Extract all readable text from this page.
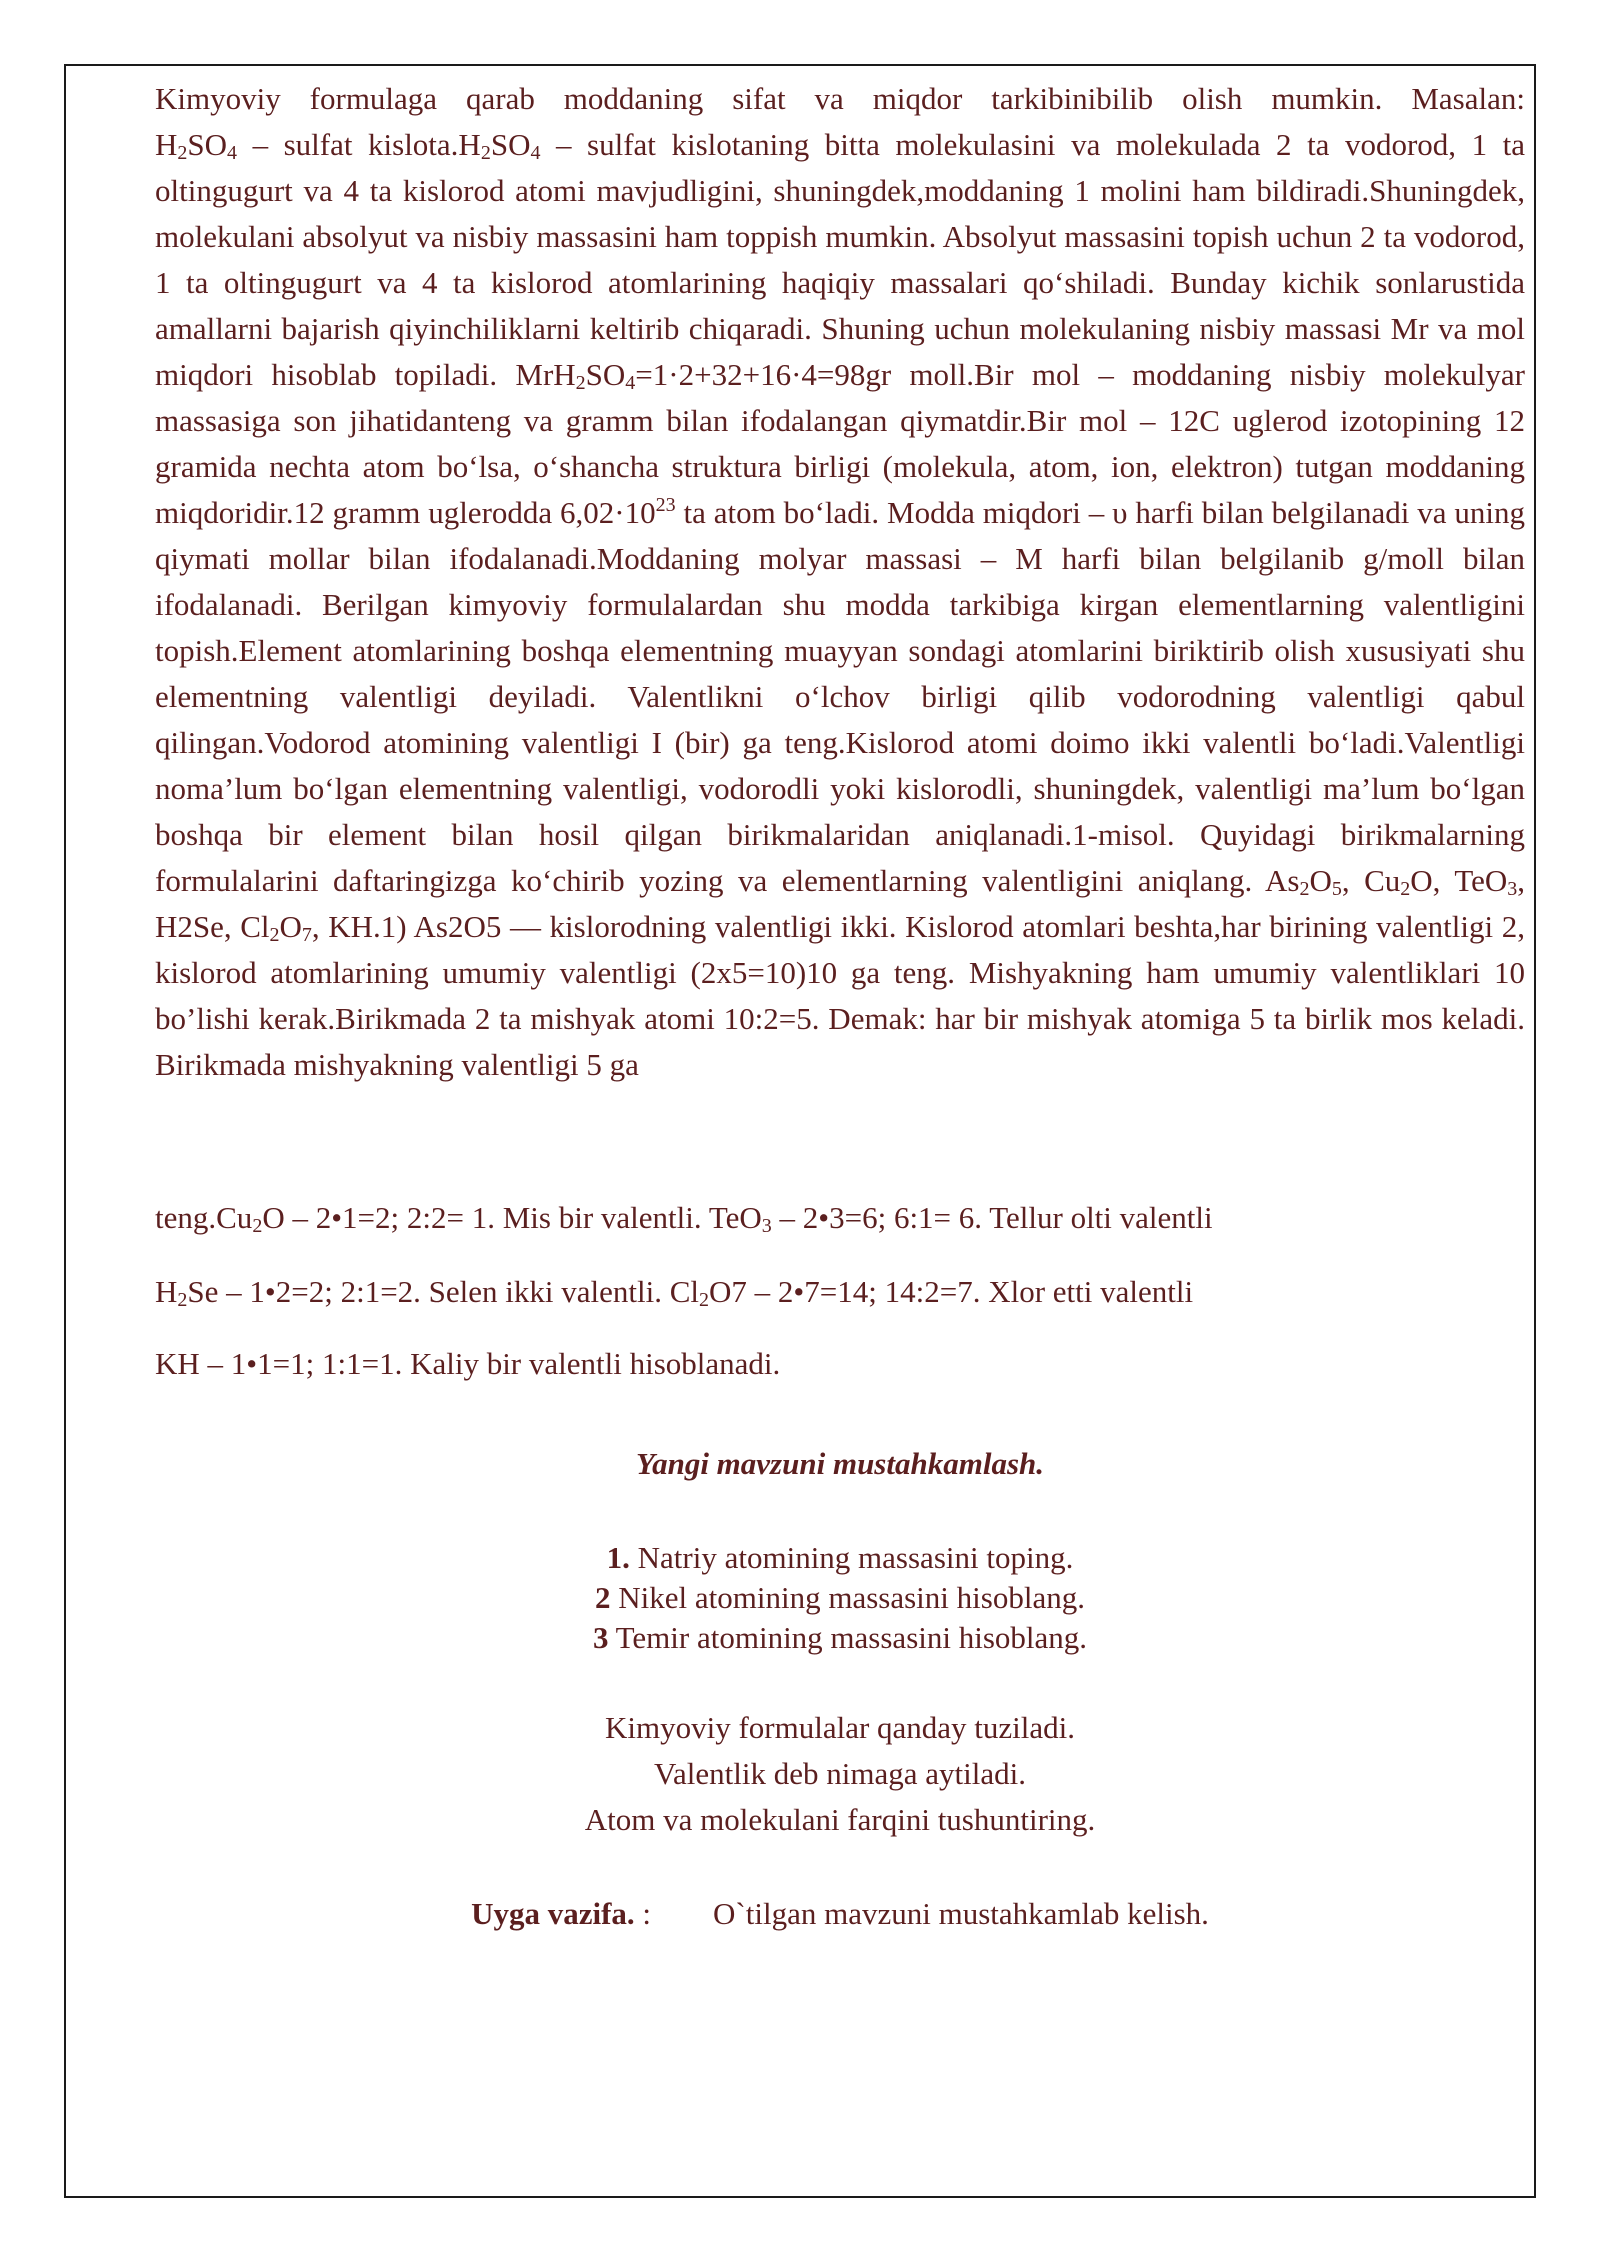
Kimyoviy formulaga qarab moddaning sifat va miqdor tarkibinibilib olish mumkin. Masalan:

$H_2SO_4$ – sulfat $kislota.H_2SO_4$ – sulfat kislotaning bitta molekulasini va molekulada 2 ta vodorod, 1 ta oltingugurt va 4 ta kislorod atomi mavjudligini, shuningdek,moddaning 1 molini ham bildiradi.Shuningdek, molekulani absolyut va nisbiy massasini ham toppish mumkin. Absolyut massasini topish uchun 2 ta vodorod, 1 ta oltingugurt va 4 ta kislorod atomlarining haqiqiy massalari qo‘shiladi. Bunday kichik sonlarustida amallarni bajarish qiyinchiliklarni keltirib chiqaradi. Shuning uchun molekulaning nisbiy massasi Mr va mol miqdori hisoblab topiladi. $MrH_2SO_4=1\cdot 2+32+16\cdot 4=98gr$ moll.Bir mol – moddaning nisbiy molekulyar massasiga son jihatidanteng va gramm bilan ifodalangan qiymatdir.Bir mol – 12C uglerod izotopining 12 gramida nechta atom bo‘lsa, o‘shancha struktura birligi (molekula, atom, ion, elektron) tutgan moddaning miqdoridir.12 gramm uglerodda $6,02\cdot 10^{23}$ ta atom bo‘ladi. Modda miqdori – υ harfi bilan belgilanadi va uning qiymati mollar bilan ifodalanadi.Moddaning molyar massasi – M harfi bilan belgilanib g/moll bilan ifodalanadi. Berilgan kimyoviy formulalardan shu modda tarkibiga kirgan elementlarning valentligini topish.Element atomlarining boshqa elementning muayyan sondagi atomlarini biriktirib olish xususiyati shu elementning valentligi deyiladi. Valentlikni o‘lchov birligi qilib vodorodning valentligi qabul qilingan.Vodorod atomining valentligi I (bir) ga teng.Kislorod atomi doimo ikki valentli bo‘ladi.Valentligi noma’lum bo‘lgan elementning valentligi, vodorodli yoki kislorodli, shuningdek, valentligi ma’lum bo‘lgan boshqa bir element bilan hosil qilgan birikmalaridan aniqlanadi.1-misol. Quyidagi birikmalarning formulalarini daftaringizga ko‘chirib yozing va elementlarning valentligini aniqlang. $As_2O_5$, $Cu_2O$, TeO$_3$, H2Se, $Cl_2O_7$, KH.1) As2O5 — kislorodning valentligi ikki. Kislorod atomlari beshta,har birining valentligi 2, kislorod atomlarining umumiy valentligi (2x5=10)10 ga teng. Mishyakning ham umumiy valentliklari 10 bo’lishi kerak.Birikmada 2 ta mishyak atomi 10:2=5. Demak: har bir mishyak atomiga 5 ta birlik mos keladi. Birikmada mishyakning valentligi 5 ga

$teng.Cu_2O$ – 2•1=2; 2:2= 1. Mis bir valentli. TeO$_3$ – 2•3=6; 6:1= 6. Tellur olti valentli
$H_2Se$ – 1•2=2; 2:1=2. Selen ikki valentli. $Cl_2O7$ – 2•7=14; 14:2=7. Xlor etti valentli
KH – 1•1=1; 1:1=1. Kaliy bir valentli hisoblanadi.
Yangi mavzuni mustahkamlash.
1. Natriy atomining massasini toping.
2 Nikel atomining massasini hisoblang.
3 Temir atomining massasini hisoblang.
Kimyoviy formulalar qanday tuziladi.
Valentlik deb nimaga aytiladi.
Atom va molekulani farqini tushuntiring.
Uyga vazifa. : O`tilgan mavzuni mustahkamlab kelish.
